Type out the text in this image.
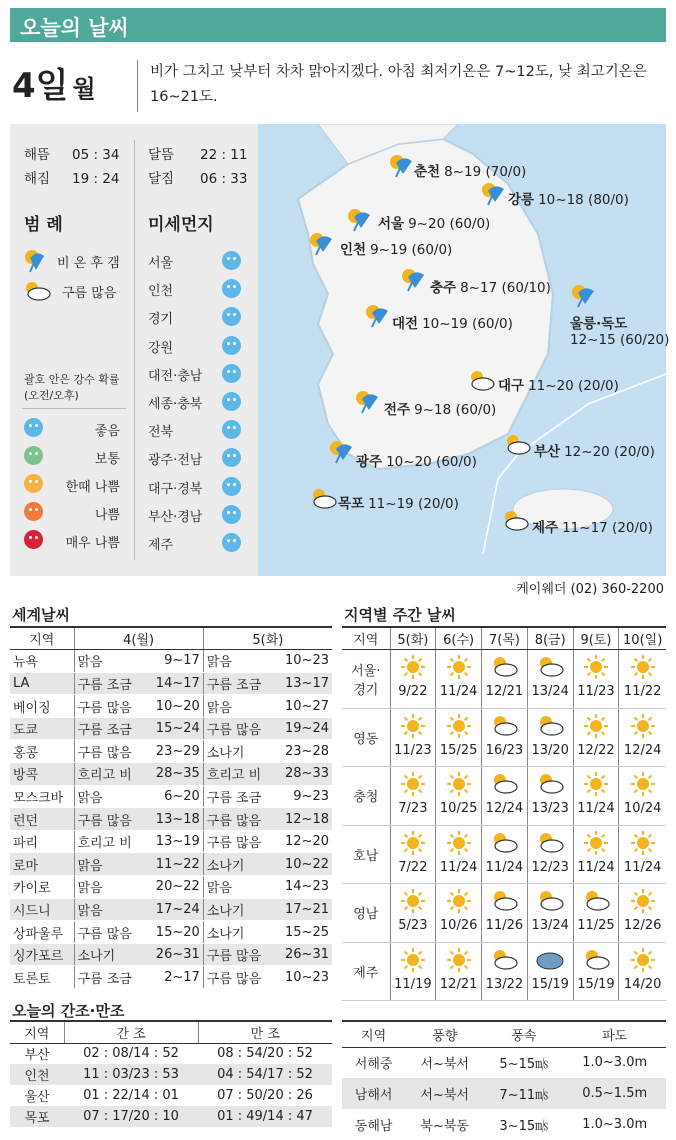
오늘의 날씨
4일 월
비가 그치고 낮부터 차차 맑아지겠다. 아침 최저기온은 7~12도, 낮 최고기온은 16~21도.
해뜸 05 : 34
해짐 19 : 24
달뜸 22 : 11
달짐 06 : 33
범 례	미세먼지
비 온 후 갬
구름 많음
괄호 안은 강수 확률
(오전/오후)
좋음
보통
한때 나쁨
나쁨
매우 나쁨
서울
인천
경기
강원
대전·충남
세종·충북
전북
광주·전남
대구·경북
부산·경남
제주
춘천 8~19 (70/0)
강릉 10~18 (80/0)
서울 9~20 (60/0)
인천 9~19 (60/0)
충주 8~17 (60/10)
대전 10~19 (60/0)	울릉·독도
12~15 (60/20)
대구 11~20 (20/0)
전주 9~18 (60/0)
부산 12~20 (20/0)
광주 10~20 (60/0)
목포 11~19 (20/0)
제주 11~17 (20/0)
케이웨더 (02) 360-2200
세계날씨
지역	4(월)		5(화)	
뉴욕	맑음	9~17	맑음	10~23
LA	구름 조금	14~17	구름 조금	13~17
베이징	구름 많음	10~20	맑음	10~27
도쿄	구름 조금	15~24	구름 많음	19~24
홍콩	구름 많음	23~29	소나기	23~28
방콕	흐리고 비	28~35	흐리고 비	28~33
모스크바	맑음	6~20	구름 조금	9~23
런던	구름 많음	13~18	구름 많음	12~18
파리	흐리고 비	13~19	구름 많음	12~20
로마	맑음	11~22	소나기	10~22
카이로	맑음	20~22	맑음	14~23
시드니	맑음	17~24	소나기	17~21
상파울루	구름 많음	15~20	소나기	15~25
싱가포르	소나기	26~31	구름 많음	26~31
토론토	구름 조금	2~17	구름 많음	10~23
지역별 주간 날씨
지역	5(화)	6(수)	7(목)	8(금)	9(토)	10(일)
서울·경기	9/22	11/24	12/21	13/24	11/23	11/22

영동	11/23	15/25	16/23	13/20	12/22	12/24

충청	7/23	10/25	12/24	13/23	11/24	10/24

호남	7/22	11/24	11/24	12/23	11/24	11/24

영남	5/23	10/26	11/26	13/24	11/25	12/26

제주	11/19	12/21	13/22	15/19	15/19	14/20
오늘의 간조·만조
지역	간 조	만 조
부산	02 : 08/14 : 52	08 : 54/20 : 52
인천	11 : 03/23 : 53	04 : 54/17 : 52
울산	01 : 22/14 : 01	07 : 50/20 : 26
목포	07 : 17/20 : 10	01 : 49/14 : 47
지역	풍향	풍속	파도
서해중	서~북서	5~15㎧	1.0~3.0m
남해서	서~북서	7~11㎧	0.5~1.5m
동해남	북~북동	3~15㎧	1.0~3.0m
